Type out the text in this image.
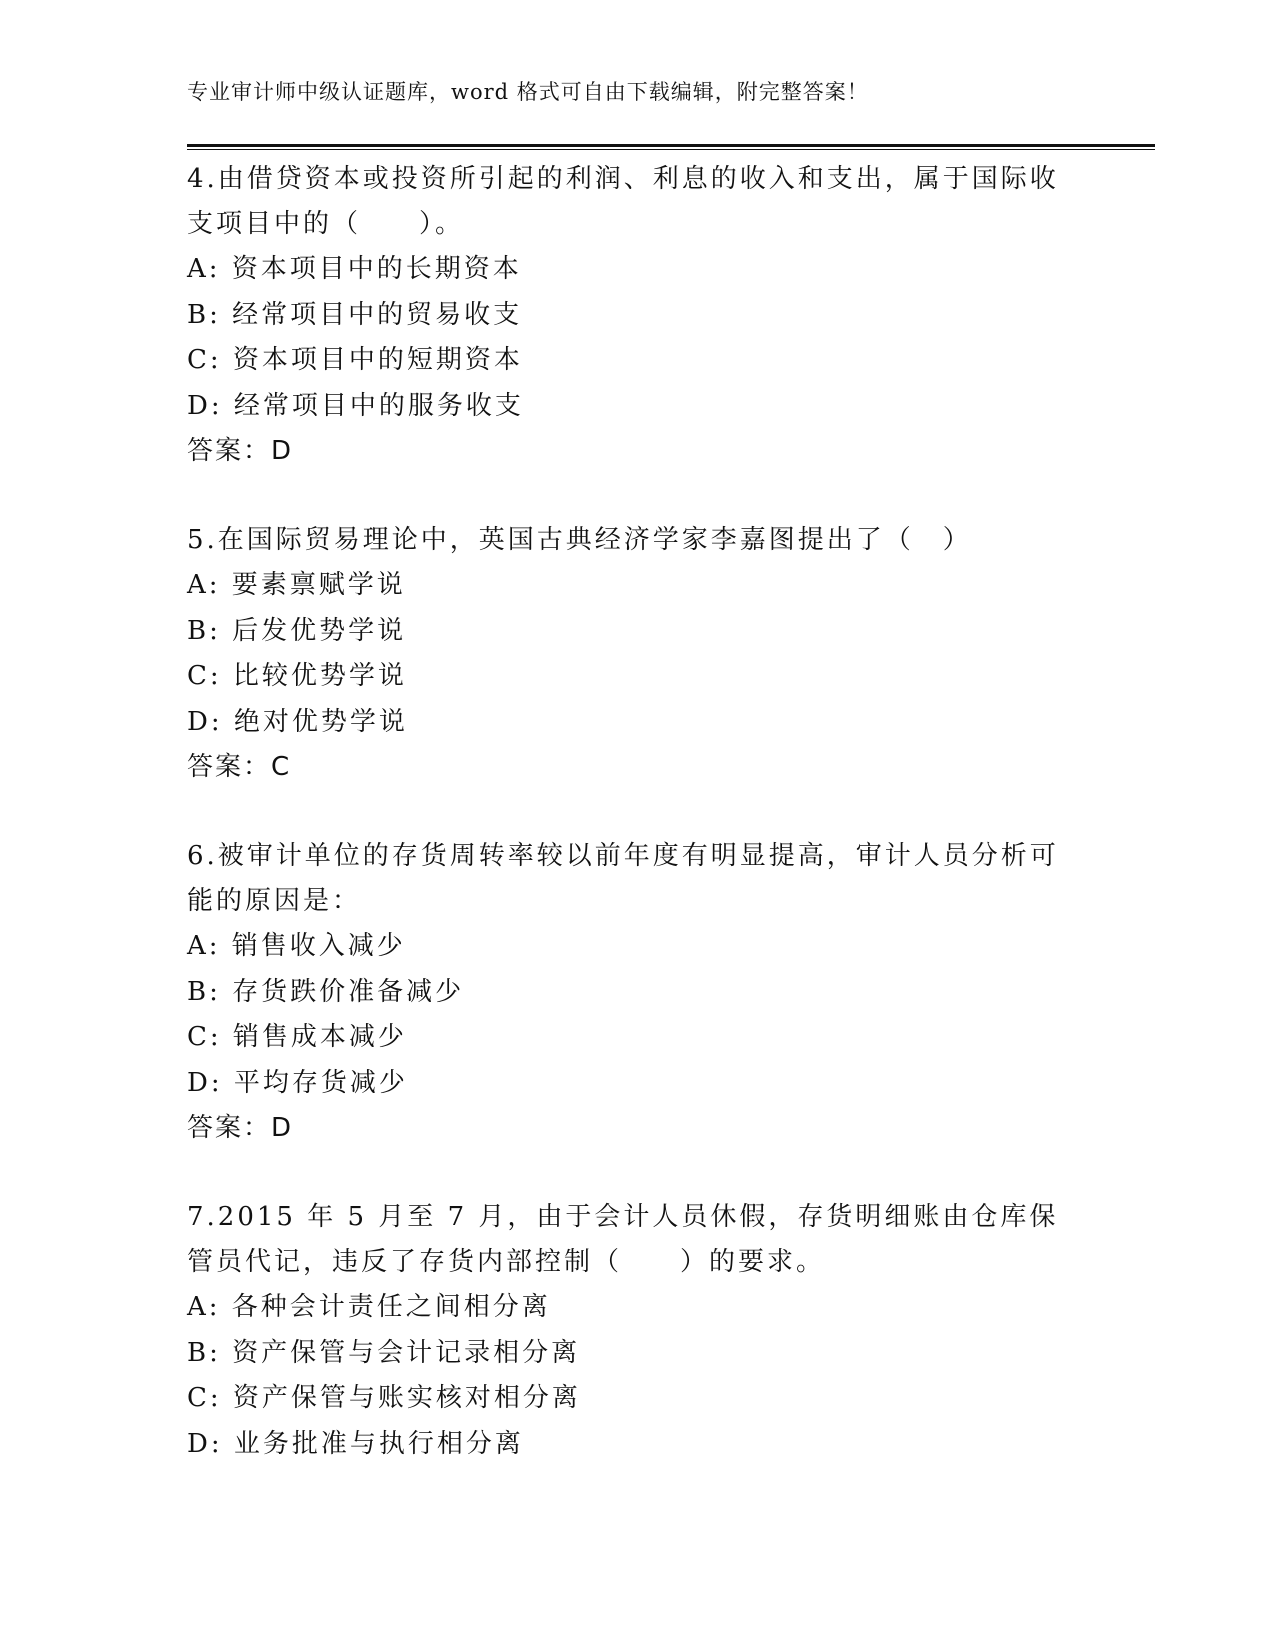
专业审计师中级认证题库，word 格式可自由下载编辑，附完整答案！
4.由借贷资本或投资所引起的利润、利息的收入和支出，属于国际收支项目中的（　　）。
A: 资本项目中的长期资本
B: 经常项目中的贸易收支
C: 资本项目中的短期资本
D: 经常项目中的服务收支
答案：D
5.在国际贸易理论中，英国古典经济学家李嘉图提出了（　）
A: 要素禀赋学说
B: 后发优势学说
C: 比较优势学说
D: 绝对优势学说
答案：C
6.被审计单位的存货周转率较以前年度有明显提高，审计人员分析可能的原因是：
A: 销售收入减少
B: 存货跌价准备减少
C: 销售成本减少
D: 平均存货减少
答案：D
7.2015 年 5 月至 7 月，由于会计人员休假，存货明细账由仓库保管员代记，违反了存货内部控制（　　）的要求。
A: 各种会计责任之间相分离
B: 资产保管与会计记录相分离
C: 资产保管与账实核对相分离
D: 业务批准与执行相分离
